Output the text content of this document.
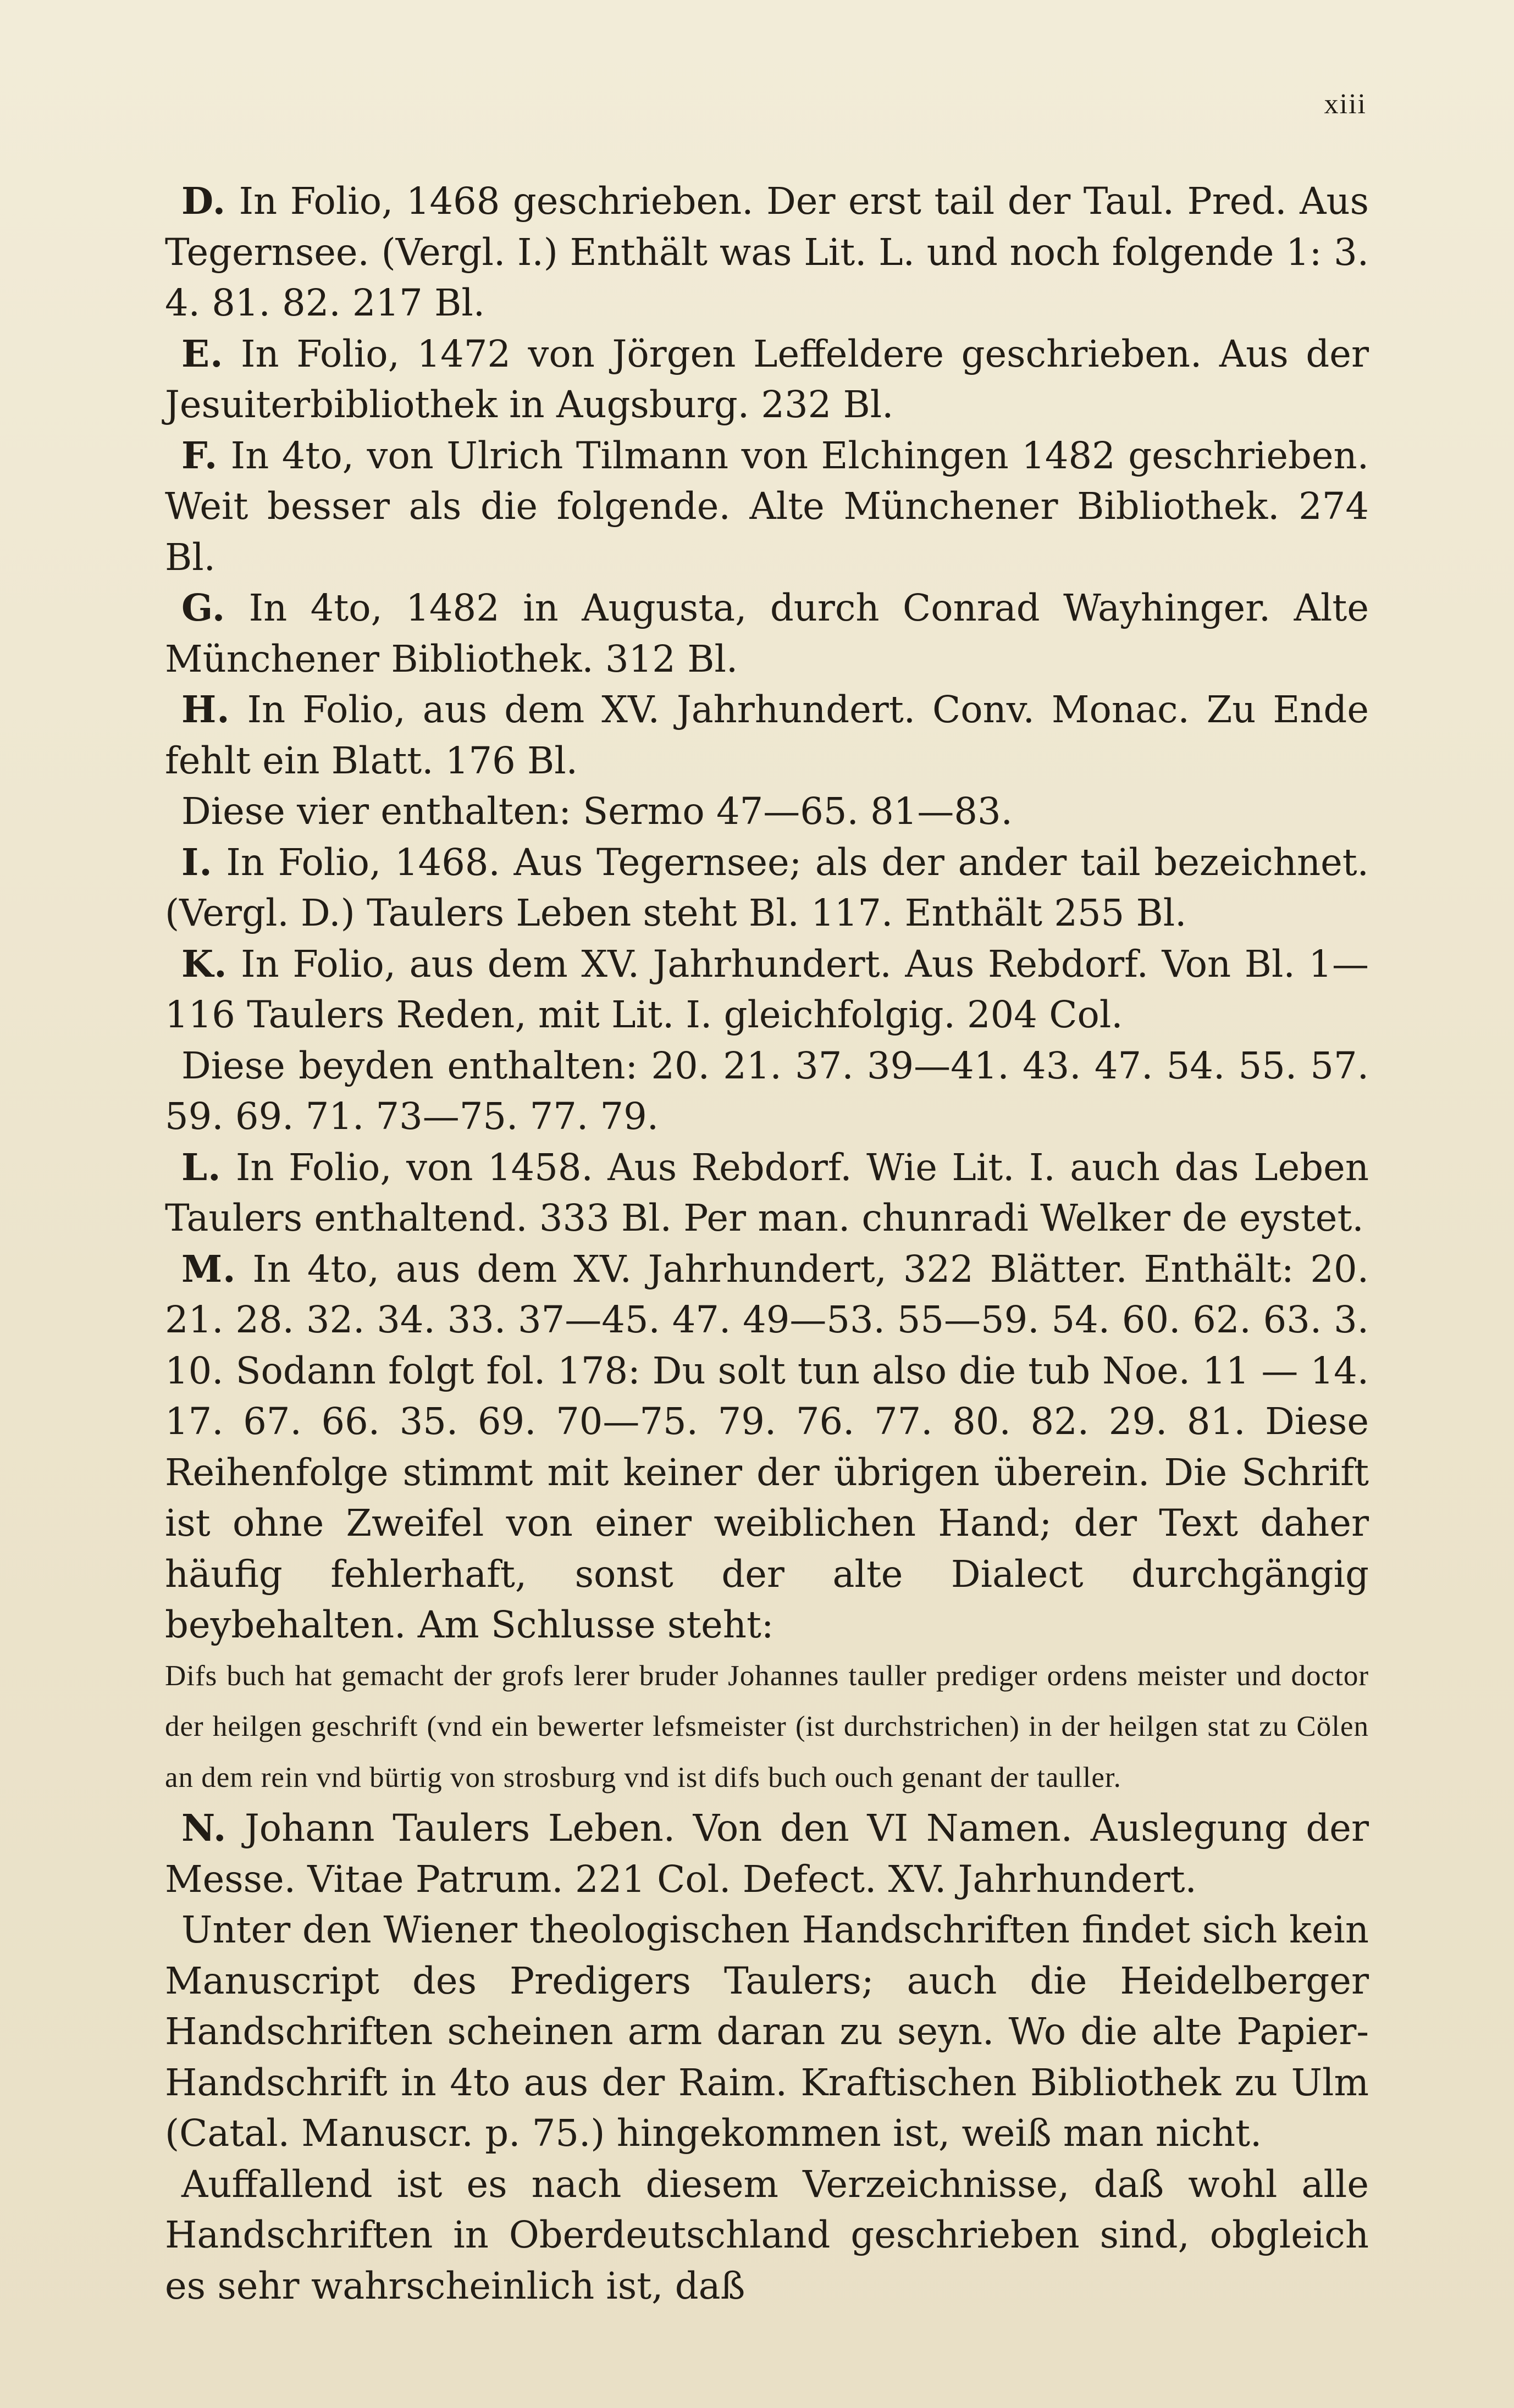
xiii

D. In Folio, 1468 geschrieben. Der erst tail der Taul. Pred. Aus Tegernsee. (Vergl. I.) Enthält was Lit. L. und noch folgende 1: 3. 4. 81. 82. 217 Bl.

E. In Folio, 1472 von Jörgen Leffeldere geschrieben. Aus der Jesuiterbibliothek in Augsburg. 232 Bl.

F. In 4to, von Ulrich Tilmann von Elchingen 1482 geschrieben. Weit besser als die folgende. Alte Münchener Bibliothek. 274 Bl.

G. In 4to, 1482 in Augusta, durch Conrad Wayhinger. Alte Münchener Bibliothek. 312 Bl.

H. In Folio, aus dem XV. Jahrhundert. Conv. Monac. Zu Ende fehlt ein Blatt. 176 Bl.

Diese vier enthalten: Sermo 47—65. 81—83.

I. In Folio, 1468. Aus Tegernsee; als der ander tail bezeichnet. (Vergl. D.) Taulers Leben steht Bl. 117. Enthält 255 Bl.

K. In Folio, aus dem XV. Jahrhundert. Aus Rebdorf. Von Bl. 1—116 Taulers Reden, mit Lit. I. gleichfolgig. 204 Col.

Diese beyden enthalten: 20. 21. 37. 39—41. 43. 47. 54. 55. 57. 59. 69. 71. 73—75. 77. 79.

L. In Folio, von 1458. Aus Rebdorf. Wie Lit. I. auch das Leben Taulers enthaltend. 333 Bl. Per man. chunradi Welker de eystet.

M. In 4to, aus dem XV. Jahrhundert, 322 Blätter. Enthält: 20. 21. 28. 32. 34. 33. 37—45. 47. 49—53. 55—59. 54. 60. 62. 63. 3. 10. Sodann folgt fol. 178: Du solt tun also die tub Noe. 11 — 14. 17. 67. 66. 35. 69. 70—75. 79. 76. 77. 80. 82. 29. 81. Diese Reihenfolge stimmt mit keiner der übrigen überein. Die Schrift ist ohne Zweifel von einer weiblichen Hand; der Text daher häufig fehlerhaft, sonst der alte Dialect durchgängig beybehalten. Am Schlusse steht:

Difs buch hat gemacht der grofs lerer bruder Johannes tauller prediger ordens meister und doctor der heilgen geschrift (vnd ein bewerter lefsmeister (ist durchstrichen) in der heilgen stat zu Cölen an dem rein vnd bürtig von strosburg vnd ist difs buch ouch genant der tauller.

N. Johann Taulers Leben. Von den VI Namen. Auslegung der Messe. Vitae Patrum. 221 Col. Defect. XV. Jahrhundert.

Unter den Wiener theologischen Handschriften findet sich kein Manuscript des Predigers Taulers; auch die Heidelberger Handschriften scheinen arm daran zu seyn. Wo die alte Papier-Handschrift in 4to aus der Raim. Kraftischen Bibliothek zu Ulm (Catal. Manuscr. p. 75.) hingekommen ist, weiß man nicht.

Auffallend ist es nach diesem Verzeichnisse, daß wohl alle Handschriften in Oberdeutschland geschrieben sind, obgleich es sehr wahrscheinlich ist, daß
